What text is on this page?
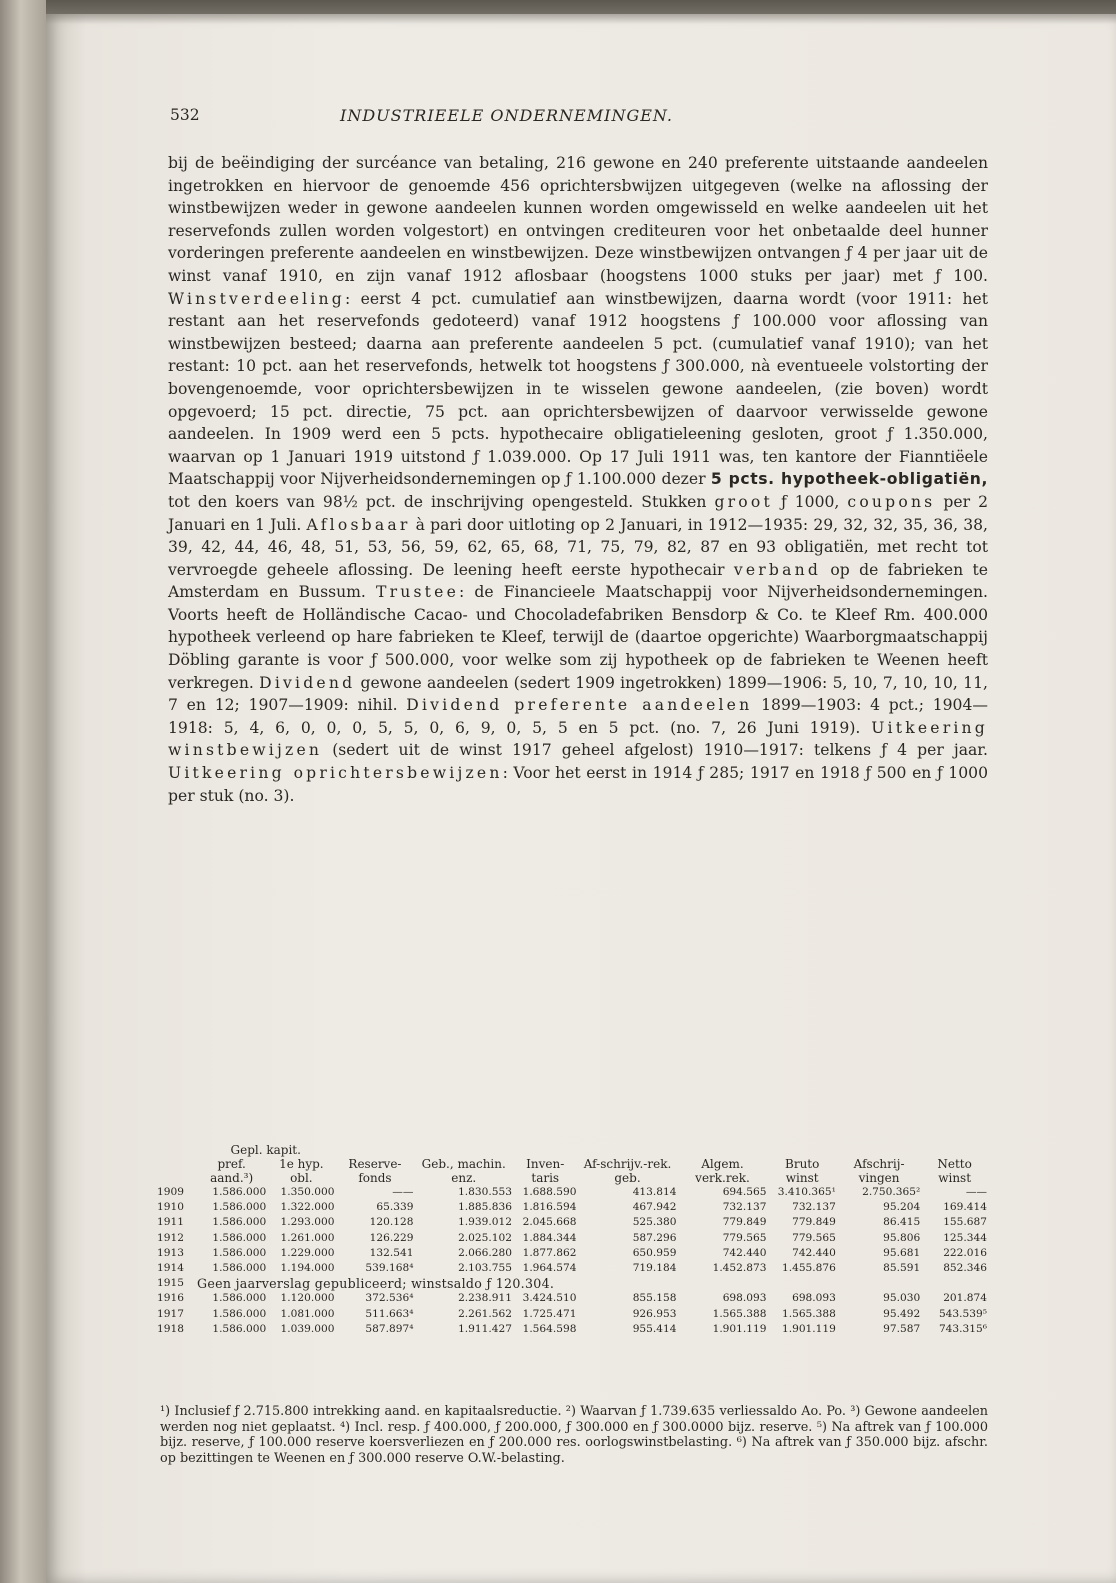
532	INDUSTRIEELE ONDERNEMINGEN.

bij de beëindiging der surcéance van betaling, 216 gewone en 240 preferente uitstaande aandeelen ingetrokken en hiervoor de genoemde 456 oprichtersbwijzen uitgegeven (welke na aflossing der winstbewijzen weder in gewone aandeelen kunnen worden omgewisseld en welke aandeelen uit het reservefonds zullen worden volgestort) en ontvingen crediteuren voor het onbetaalde deel hunner vorderingen preferente aandeelen en winstbewijzen. Deze winstbewijzen ontvangen ƒ 4 per jaar uit de winst vanaf 1910, en zijn vanaf 1912 aflosbaar (hoogstens 1000 stuks per jaar) met ƒ 100. Winstverdeeling: eerst 4 pct. cumulatief aan winstbewijzen, daarna wordt (voor 1911: het restant aan het reservefonds gedoteerd) vanaf 1912 hoogstens ƒ 100.000 voor aflossing van winstbewijzen besteed; daarna aan preferente aandeelen 5 pct. (cumulatief vanaf 1910); van het restant: 10 pct. aan het reservefonds, hetwelk tot hoogstens ƒ 300.000, nà eventueele volstorting der bovengenoemde, voor oprichtersbewijzen in te wisselen gewone aandeelen, (zie boven) wordt opgevoerd; 15 pct. directie, 75 pct. aan oprichtersbewijzen of daarvoor verwisselde gewone aandeelen. In 1909 werd een 5 pcts. hypothecaire obligatieleening gesloten, groot ƒ 1.350.000, waarvan op 1 Januari 1919 uitstond ƒ 1.039.000. Op 17 Juli 1911 was, ten kantore der Fianntiëele Maatschappij voor Nijverheidsondernemingen op ƒ 1.100.000 dezer 5 pcts. hypotheek-obligatiën, tot den koers van 98½ pct. de inschrijving opengesteld. Stukken groot ƒ 1000, coupons per 2 Januari en 1 Juli. Aflosbaar à pari door uitloting op 2 Januari, in 1912—1935: 29, 32, 32, 35, 36, 38, 39, 42, 44, 46, 48, 51, 53, 56, 59, 62, 65, 68, 71, 75, 79, 82, 87 en 93 obligatiën, met recht tot vervroegde geheele aflossing. De leening heeft eerste hypothecair verband op de fabrieken te Amsterdam en Bussum. Trustee: de Financieele Maatschappij voor Nijverheidsondernemingen. Voorts heeft de Holländische Cacao- und Chocoladefabriken Bensdorp & Co. te Kleef Rm. 400.000 hypotheek verleend op hare fabrieken te Kleef, terwijl de (daartoe opgerichte) Waarborgmaatschappij Döbling garante is voor ƒ 500.000, voor welke som zij hypotheek op de fabrieken te Weenen heeft verkregen. Dividend gewone aandeelen (sedert 1909 ingetrokken) 1899—1906: 5, 10, 7, 10, 10, 11, 7 en 12; 1907—1909: nihil. Dividend preferente aandeelen 1899—1903: 4 pct.; 1904—1918: 5, 4, 6, 0, 0, 0, 5, 5, 0, 6, 9, 0, 5, 5 en 5 pct. (no. 7, 26 Juni 1919). Uitkeering winstbewijzen (sedert uit de winst 1917 geheel afgelost) 1910—1917: telkens ƒ 4 per jaar. Uitkeering oprichtersbewijzen: Voor het eerst in 1914 ƒ 285; 1917 en 1918 ƒ 500 en ƒ 1000 per stuk (no. 3).

	Gepl. kapit.									
	pref. aand.³)	1e hyp. obl.	Reserve-fonds	Geb., machin. enz.	Inven-taris	Af-schrijv.-rek. geb.	Algem. verk.rek.	Bruto winst	Afschrij-vingen	Netto winst
1909	1.586.000	1.350.000	——	1.830.553	1.688.590	413.814	694.565	3.410.365¹	2.750.365²	——
1910	1.586.000	1.322.000	65.339	1.885.836	1.816.594	467.942	732.137	732.137	95.204	169.414
1911	1.586.000	1.293.000	120.128	1.939.012	2.045.668	525.380	779.849	779.849	86.415	155.687
1912	1.586.000	1.261.000	126.229	2.025.102	1.884.344	587.296	779.565	779.565	95.806	125.344
1913	1.586.000	1.229.000	132.541	2.066.280	1.877.862	650.959	742.440	742.440	95.681	222.016
1914	1.586.000	1.194.000	539.168⁴	2.103.755	1.964.574	719.184	1.452.873	1.455.876	85.591	852.346
1915	Geen jaarverslag gepubliceerd; winstsaldo ƒ 120.304.									
1916	1.586.000	1.120.000	372.536⁴	2.238.911	3.424.510	855.158	698.093	698.093	95.030	201.874
1917	1.586.000	1.081.000	511.663⁴	2.261.562	1.725.471	926.953	1.565.388	1.565.388	95.492	543.539⁵
1918	1.586.000	1.039.000	587.897⁴	1.911.427	1.564.598	955.414	1.901.119	1.901.119	97.587	743.315⁶

¹) Inclusief ƒ 2.715.800 intrekking aand. en kapitaalsreductie. ²) Waarvan ƒ 1.739.635 verliessaldo Ao. Po. ³) Gewone aandeelen werden nog niet geplaatst. ⁴) Incl. resp. ƒ 400.000, ƒ 200.000, ƒ 300.000 en ƒ 300.0000 bijz. reserve. ⁵) Na aftrek van ƒ 100.000 bijz. reserve, ƒ 100.000 reserve koersverliezen en ƒ 200.000 res. oorlogswinstbelasting. ⁶) Na aftrek van ƒ 350.000 bijz. afschr. op bezittingen te Weenen en ƒ 300.000 reserve O.W.-belasting.
